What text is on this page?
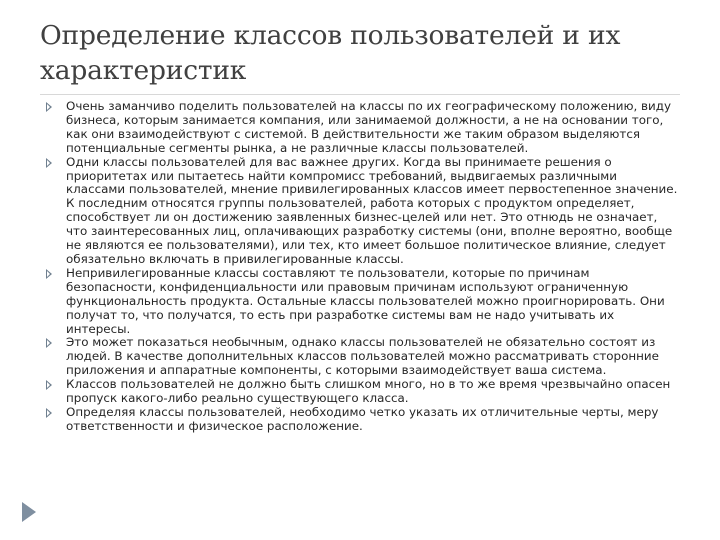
Определение классов пользователей и их характеристик
Очень заманчиво поделить пользователей на классы по их географическому положению, виду бизнеса, которым занимается компания, или занимаемой должности, а не на основании того, как они взаимодействуют с системой. В действительности же таким образом выделяются потенциальные сегменты рынка, а не различные классы пользователей.
Одни классы пользователей для вас важнее других. Когда вы принимаете решения о приоритетах или пытаетесь найти компромисс требований, выдвигаемых различными классами пользователей, мнение привилегированных классов имеет первостепенное значение. К последним относятся группы пользователей, работа которых с продуктом определяет, способствует ли он достижению заявленных бизнес-целей или нет. Это отнюдь не означает, что заинтересованных лиц, оплачивающих разработку системы (они, вполне вероятно, вообще не являются ее пользователями), или тех, кто имеет большое политическое влияние, следует обязательно включать в привилегированные классы.
Непривилегированные классы составляют те пользователи, которые по причинам безопасности, конфиденциальности или правовым причинам используют ограниченную функциональность продукта. Остальные классы пользователей можно проигнорировать. Они получат то, что получатся, то есть при разработке системы вам не надо учитывать их интересы.
Это может показаться необычным, однако классы пользователей не обязательно состоят из людей. В качестве дополнительных классов пользователей можно рассматривать сторонние приложения и аппаратные компоненты, с которыми взаимодействует ваша система.
Классов пользователей не должно быть слишком много, но в то же время чрезвычайно опасен пропуск какого-либо реально существующего класса.
Определяя классы пользователей, необходимо четко указать их отличительные черты, меру ответственности и физическое расположение.
